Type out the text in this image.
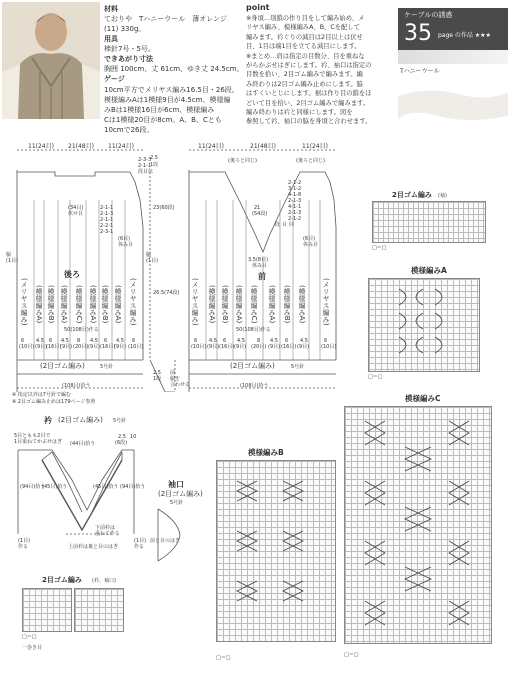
材料
ておりや　Tハニーウール　薄オレンジ
(11) 330g。
用具
棒針7号・5号。
できあがり寸法
胸囲 100cm、丈 61cm、ゆき丈 24.5cm。
ゲージ
10cm平方でメリヤス編み16.5目・26段。
模様編みAは1模様9目が4.5cm、模様編
みBは1模様16目が6cm、模様編み
Cは1模様20目が8cm。A、B、Cとも
10cmで26段。
point
※身頃…別鎖の作り目をして編み始め、メ
リヤス編み、模様編みA、B、Cを配して
編みます。衿ぐりの減目は2目以上は伏せ
目、1目は端1目を立てる減目にします。
※まとめ…肩は指定の目数分、目を重ねな
がらかぶせはぎにします。衿、袖口は指定の
目数を拾い、2目ゴム編みで編みます。編
み終わりは2目ゴム編み止めにします。脇
はすくいとじにします。裾は作り目の鎖をほ
どいて目を拾い、2目ゴム編みで編みます。
編み終わりは衿と同様にします。図を
参照して衿、袖口の脇を身頃と合わせます。
ケーブルの誘惑
35 page の作品 ★★★
Tハニーウール
11(24目) 21(48目) 11(24目)
2-3-3
2-1-1
段目伏
(34目)
伏せ目
2-1-1
2-1-3
2-1-1
2-2-1
2-3-1
(6目)
休み目
2.5
1段
23(60段)
26.5(74段)
2.5
1段
脇
(1目)
後ろ
50(108目)作る
脇
(1目)
(メリヤス編み) (模様編みA) (模様編みB) (模様編みA) (模様編みC) (模様編みA) (模様編みB) (模様編みA) (メリヤス編み)
6
(10目)
4.5
(9目)
6
(16目)
4.5
(9目)
8
(20目)
4.5
(9目)
6
(16目)
4.5
(9目)
6
(10目)
(2目ゴム編み)	5号針
(108目)拾う
11(24目)	21(48目)	11(24目)
(後ろと同じ)	(後ろと同じ)
2-1-2
3-1-2
4-1-8
2-1-3
4-1-1
2-1-3
2-1-2
段 目 回
21
(54段)
3.5(8目)
休み目
前
(6目)
休み目
50(108目)作る
(メリヤス編み) (模様編みA) (模様編みB) (模様編みA) (模様編みC) (模様編みA) (模様編みB) (模様編みA) (メリヤス編み)
6
(10目)
4.5
(9目)
6
(16目)
4.5
(9目)
8
(20目)
4.5
(9目)
6
(16目)
4.5
(9目)
6
(10目)
(2目ゴム編み)	5号針
(108目)拾う
前
脇を
合わせる
※ 指定以外は7号針で編む
※ 2目ゴム編み止めは179ページ参照
衿 (2目ゴム編み) 5号針
5目ともも2目で
1目重ねてかぶせはぎ (44目)拾う
(94目)拾う
(45目)拾う	(45目)拾う (94目)拾う
2.5
(6段)
10
(1目)
作る
(1目)
作る
下前衿は
重ねて作る
上前衿は裏と目のはぎ
前と目のはぎ
袖口
(2目ゴム編み)
5号針
2目ゴム編み (衿、袖口)
□＝□
一巻き目
2目ゴム編み (袖)
□＝□
模様編みA
□＝□
模様編みB
□＝□
模様編みC
□＝□
